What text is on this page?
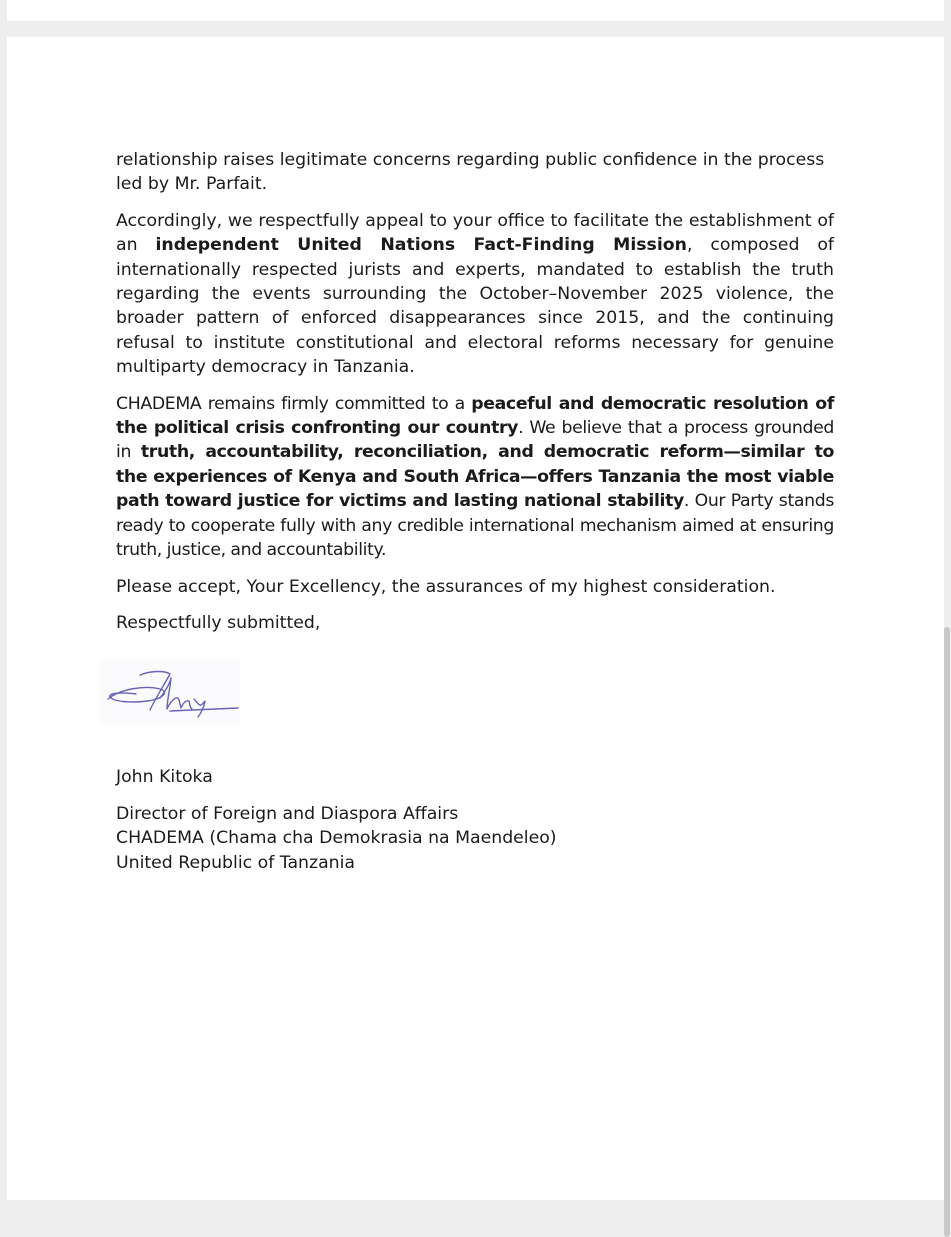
relationship raises legitimate concerns regarding public confidence in the process led by Mr. Parfait.

Accordingly, we respectfully appeal to your office to facilitate the establishment of an independent United Nations Fact-Finding Mission, composed of internationally respected jurists and experts, mandated to establish the truth regarding the events surrounding the October–November 2025 violence, the broader pattern of enforced disappearances since 2015, and the continuing refusal to institute constitutional and electoral reforms necessary for genuine multiparty democracy in Tanzania.

CHADEMA remains firmly committed to a peaceful and democratic resolution of the political crisis confronting our country. We believe that a process grounded in truth, accountability, reconciliation, and democratic reform—similar to the experiences of Kenya and South Africa—offers Tanzania the most viable path toward justice for victims and lasting national stability. Our Party stands ready to cooperate fully with any credible international mechanism aimed at ensuring truth, justice, and accountability.

Please accept, Your Excellency, the assurances of my highest consideration.

Respectfully submitted,

John Kitoka

Director of Foreign and Diaspora Affairs

CHADEMA (Chama cha Demokrasia na Maendeleo)

United Republic of Tanzania
